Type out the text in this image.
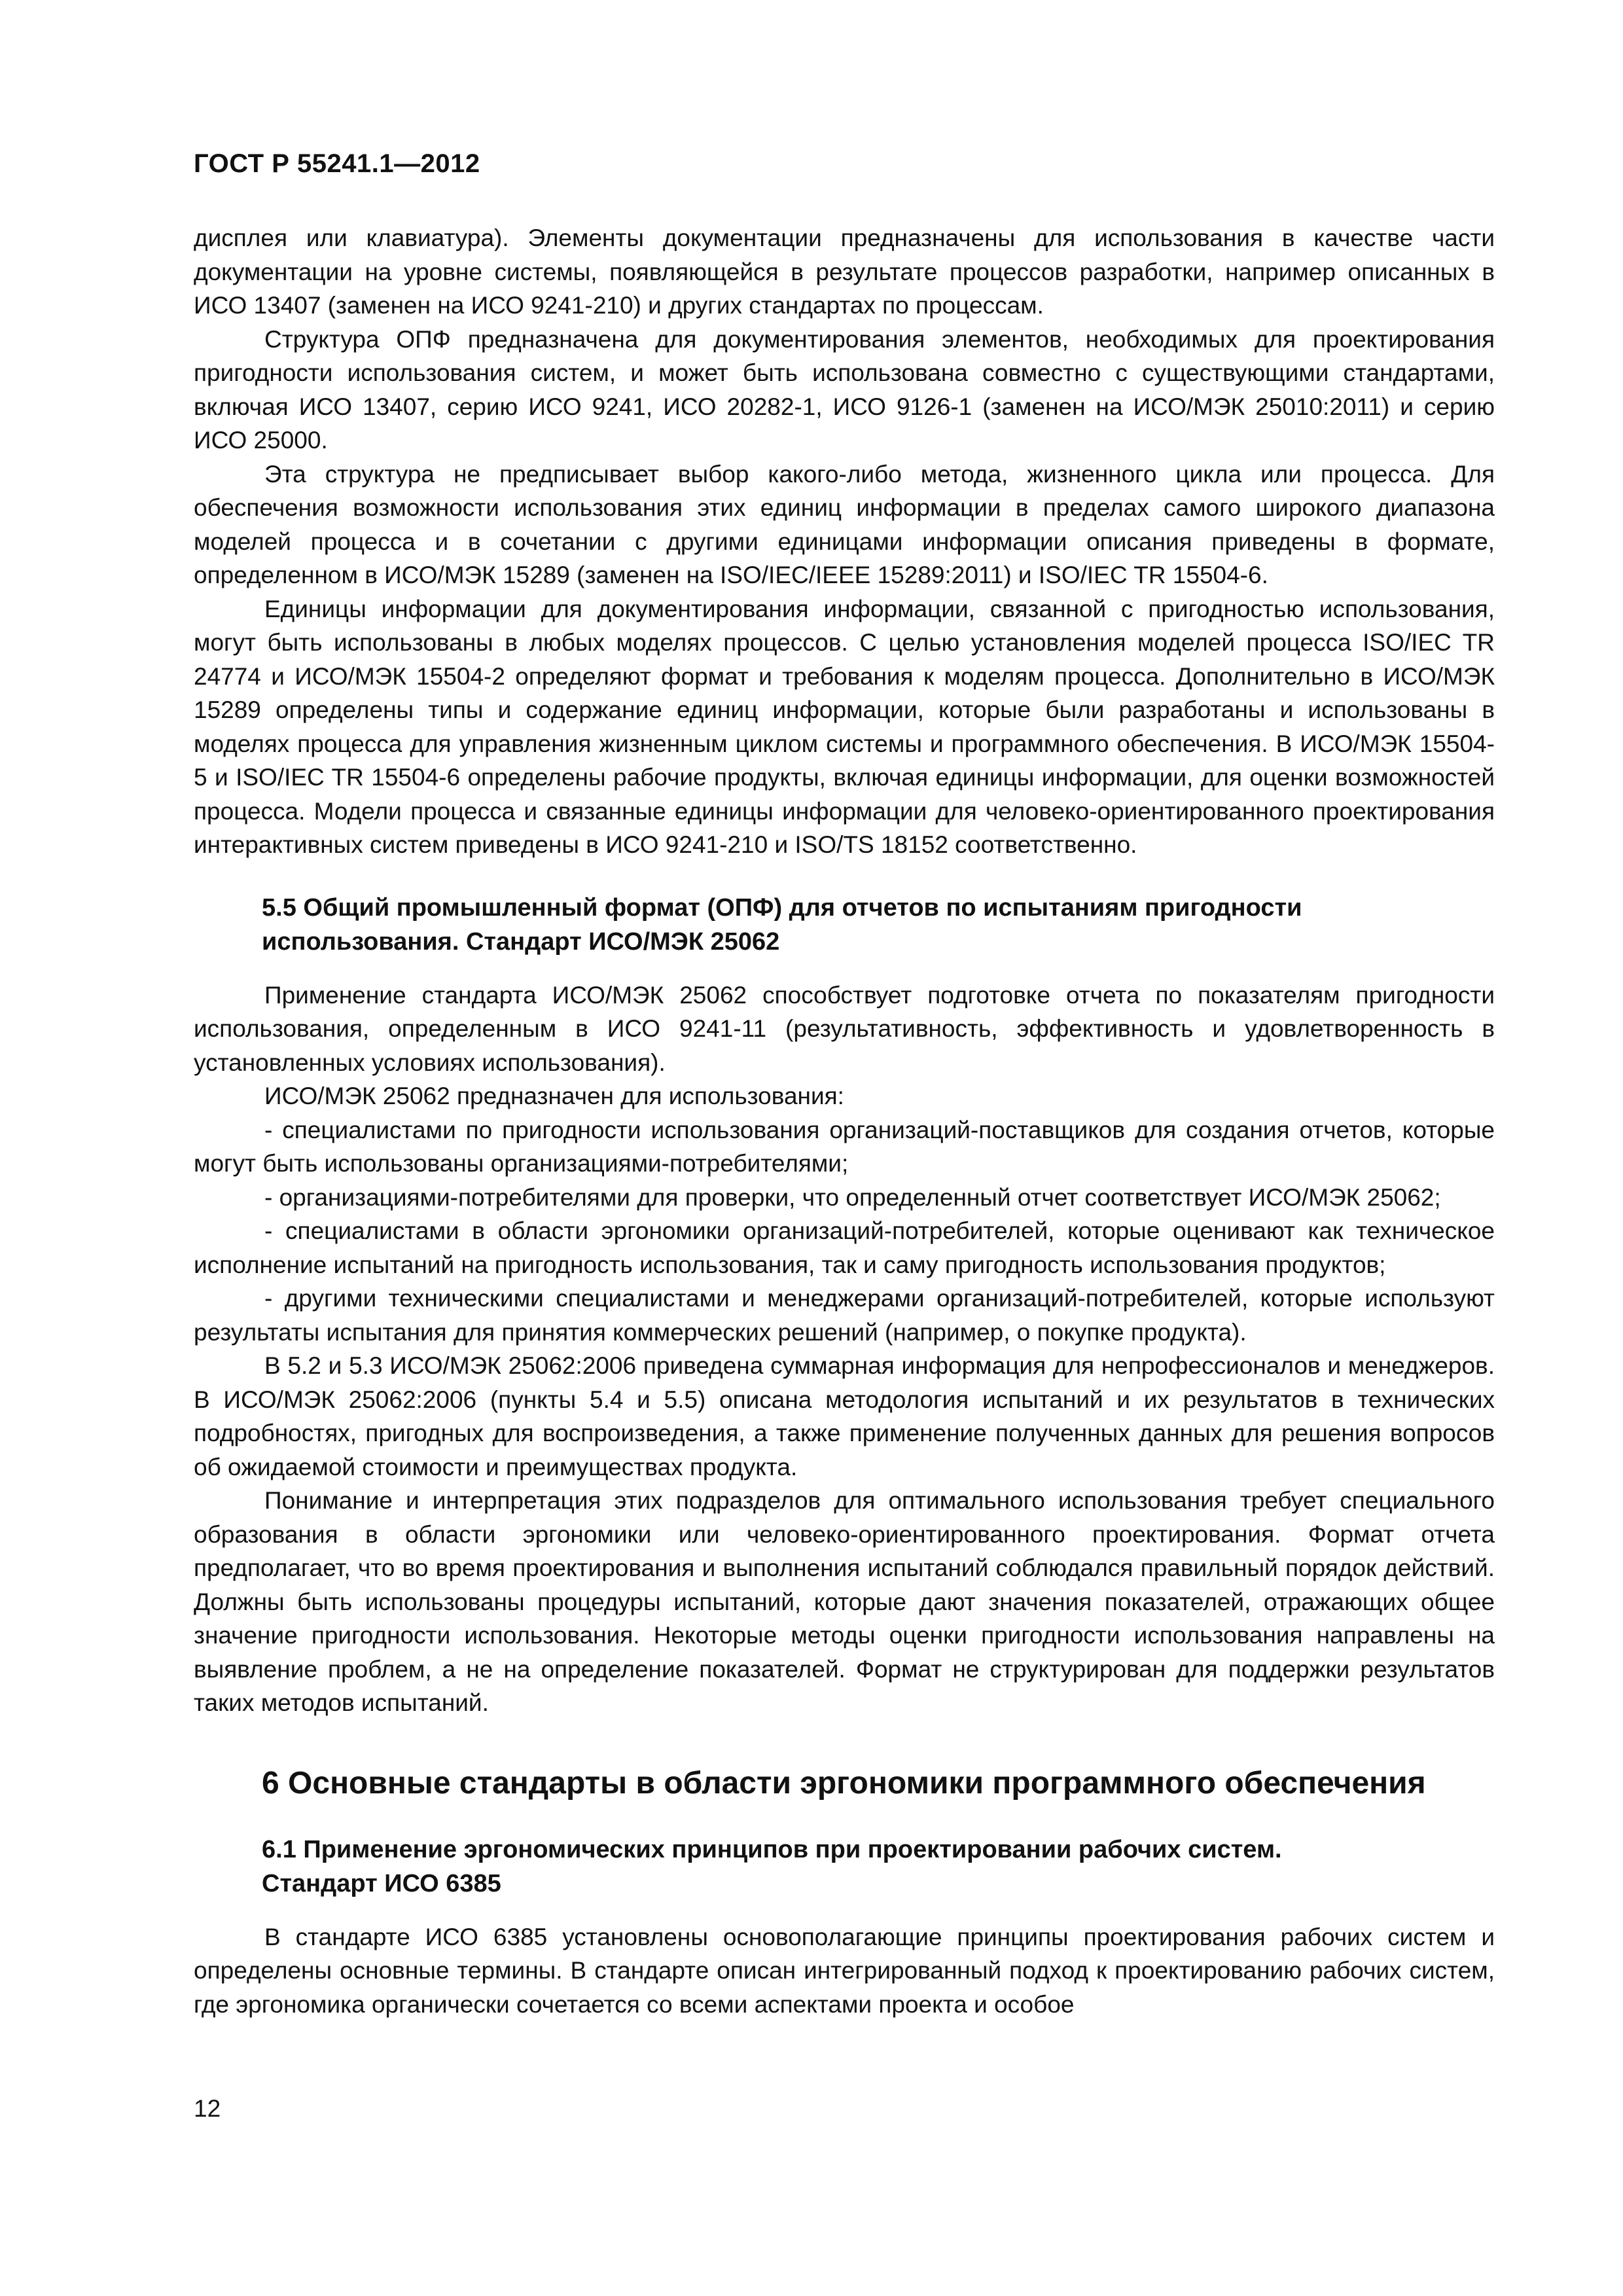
ГОСТ Р 55241.1—2012

дисплея или клавиатура). Элементы документации предназначены для использования в качестве части документации на уровне системы, появляющейся в результате процессов разработки, например описанных в ИСО 13407 (заменен на ИСО 9241-210) и других стандартах по процессам.

Структура ОПФ предназначена для документирования элементов, необходимых для проектирования пригодности использования систем, и может быть использована совместно с существующими стандартами, включая ИСО 13407, серию ИСО 9241, ИСО 20282-1, ИСО 9126-1 (заменен на ИСО/МЭК 25010:2011) и серию ИСО 25000.

Эта структура не предписывает выбор какого-либо метода, жизненного цикла или процесса. Для обеспечения возможности использования этих единиц информации в пределах самого широкого диапазона моделей процесса и в сочетании с другими единицами информации описания приведены в формате, определенном в ИСО/МЭК 15289 (заменен на ISO/IEC/IEEE 15289:2011) и ISO/IEC TR 15504-6.

Единицы информации для документирования информации, связанной с пригодностью использования, могут быть использованы в любых моделях процессов. С целью установления моделей процесса ISO/IEC TR 24774 и ИСО/МЭК 15504-2 определяют формат и требования к моделям процесса. Дополнительно в ИСО/МЭК 15289 определены типы и содержание единиц информации, которые были разработаны и использованы в моделях процесса для управления жизненным циклом системы и программного обеспечения. В ИСО/МЭК 15504-5 и ISO/IEC TR 15504-6 определены рабочие продукты, включая единицы информации, для оценки возможностей процесса. Модели процесса и связанные единицы информации для человеко-ориентированного проектирования интерактивных систем приведены в ИСО 9241-210 и ISO/TS 18152 соответственно.

5.5 Общий промышленный формат (ОПФ) для отчетов по испытаниям пригодности
использования. Стандарт ИСО/МЭК 25062

Применение стандарта ИСО/МЭК 25062 способствует подготовке отчета по показателям пригодности использования, определенным в ИСО 9241-11 (результативность, эффективность и удовлетворенность в установленных условиях использования).

ИСО/МЭК 25062 предназначен для использования:

- специалистами по пригодности использования организаций-поставщиков для создания отчетов, которые могут быть использованы организациями-потребителями;

- организациями-потребителями для проверки, что определенный отчет соответствует ИСО/МЭК 25062;

- специалистами в области эргономики организаций-потребителей, которые оценивают как техническое исполнение испытаний на пригодность использования, так и саму пригодность использования продуктов;

- другими техническими специалистами и менеджерами организаций-потребителей, которые используют результаты испытания для принятия коммерческих решений (например, о покупке продукта).

В 5.2 и 5.3 ИСО/МЭК 25062:2006 приведена суммарная информация для непрофессионалов и менеджеров. В ИСО/МЭК 25062:2006 (пункты 5.4 и 5.5) описана методология испытаний и их результатов в технических подробностях, пригодных для воспроизведения, а также применение полученных данных для решения вопросов об ожидаемой стоимости и преимуществах продукта.

Понимание и интерпретация этих подразделов для оптимального использования требует специального образования в области эргономики или человеко-ориентированного проектирования. Формат отчета предполагает, что во время проектирования и выполнения испытаний соблюдался правильный порядок действий. Должны быть использованы процедуры испытаний, которые дают значения показателей, отражающих общее значение пригодности использования. Некоторые методы оценки пригодности использования направлены на выявление проблем, а не на определение показателей. Формат не структурирован для поддержки результатов таких методов испытаний.

6 Основные стандарты в области эргономики программного обеспечения
6.1 Применение эргономических принципов при проектировании рабочих систем.
Стандарт ИСО 6385

В стандарте ИСО 6385 установлены основополагающие принципы проектирования рабочих систем и определены основные термины. В стандарте описан интегрированный подход к проектированию рабочих систем, где эргономика органически сочетается со всеми аспектами проекта и особое

12
